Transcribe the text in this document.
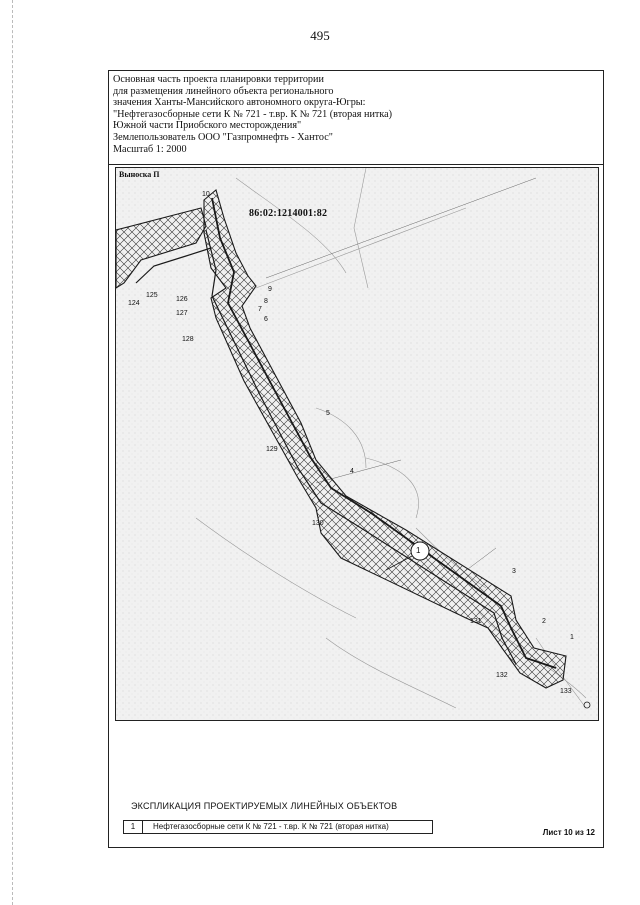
495
Основная часть проекта планировки территории
для размещения линейного объекта регионального
значения Ханты-Мансийского автономного округа-Югры:
"Нефтегазосборные сети К № 721 - т.вр. К № 721 (вторая нитка)
Южной части Приобского месторождения"
Землепользователь ООО "Газпромнефть - Хантос"
Масштаб 1: 2000
Выноска П
86:02:1214001:82
1
10
9
8
7
6
5
4
3
2
1
124
125
126
127
128
129
130
131
132
133
ЭКСПЛИКАЦИЯ ПРОЕКТИРУЕМЫХ ЛИНЕЙНЫХ ОБЪЕКТОВ
1	Нефтегазосборные сети К № 721 - т.вр. К № 721 (вторая нитка)
Лист 10 из 12
